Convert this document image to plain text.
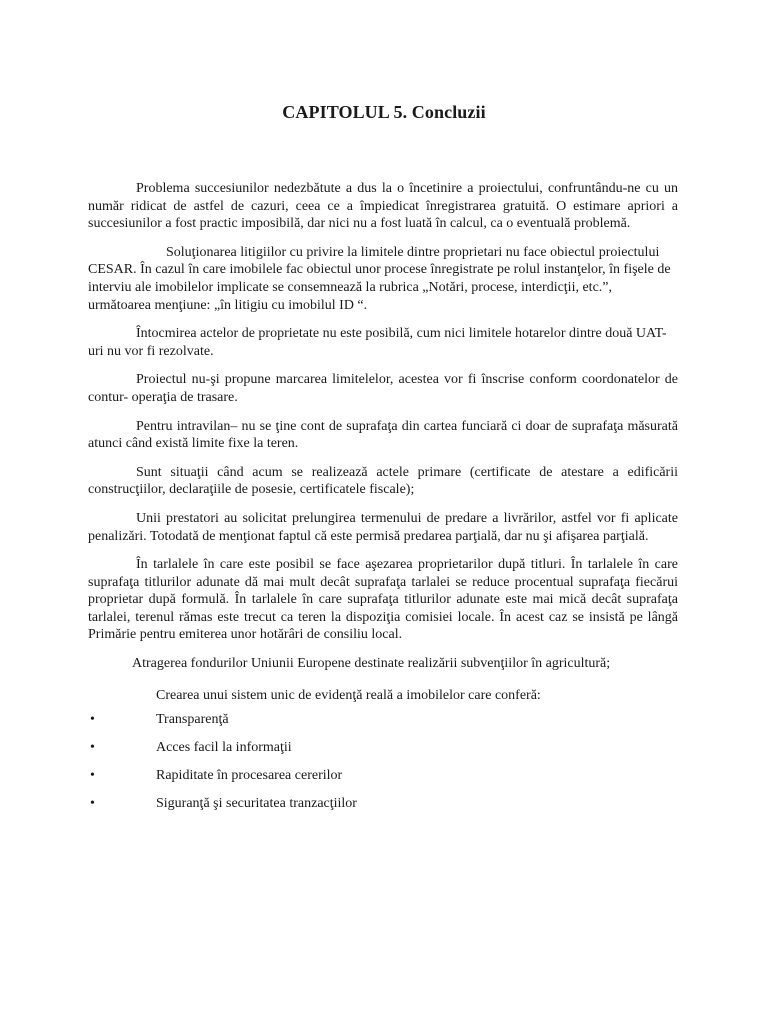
CAPITOLUL 5. Concluzii

Problema succesiunilor nedezbătute a dus la o încetinire a proiectului, confruntându-ne cu un număr ridicat de astfel de cazuri, ceea ce a împiedicat înregistrarea gratuită. O estimare apriori a succesiunilor a fost practic imposibilă, dar nici nu a fost luată în calcul, ca o eventuală problemă.

Soluţionarea litigiilor cu privire la limitele dintre proprietari nu face obiectul proiectului CESAR. În cazul în care imobilele fac obiectul unor procese înregistrate pe rolul instanţelor, în fişele de interviu ale imobilelor implicate se consemnează la rubrica „Notări, procese, interdicţii, etc.”, următoarea menţiune: „în litigiu cu imobilul ID “.

Întocmirea actelor de proprietate nu este posibilă, cum nici limitele hotarelor dintre două UAT-uri nu vor fi rezolvate.

Proiectul nu-şi propune marcarea limitelelor, acestea vor fi înscrise conform coordonatelor de contur- operaţia de trasare.

Pentru intravilan– nu se ţine cont de suprafaţa din cartea funciară ci doar de suprafaţa măsurată atunci când există limite fixe la teren.

Sunt situaţii când acum se realizează actele primare (certificate de atestare a edificării construcţiilor, declaraţiile de posesie, certificatele fiscale);

Unii prestatori au solicitat prelungirea termenului de predare a livrărilor, astfel vor fi aplicate penalizări. Totodată de menţionat faptul că este permisă predarea parţială, dar nu şi afişarea parţială.

În tarlalele în care este posibil se face aşezarea proprietarilor după titluri. În tarlalele în care suprafaţa titlurilor adunate dă mai mult decât suprafaţa tarlalei se reduce procentual suprafaţa fiecărui proprietar după formulă. În tarlalele în care suprafaţa titlurilor adunate este mai mică decât suprafaţa tarlalei, terenul rămas este trecut ca teren la dispoziţia comisiei locale. În acest caz se insistă pe lângă Primărie pentru emiterea unor hotărâri de consiliu local.

Atragerea fondurilor Uniunii Europene destinate realizării subvenţiilor în agricultură;

Crearea unui sistem unic de evidenţă reală a imobilelor care conferă:

•	Transparenţă
•	Acces facil la informaţii
•	Rapiditate în procesarea cererilor
•	Siguranţă şi securitatea tranzacţiilor
